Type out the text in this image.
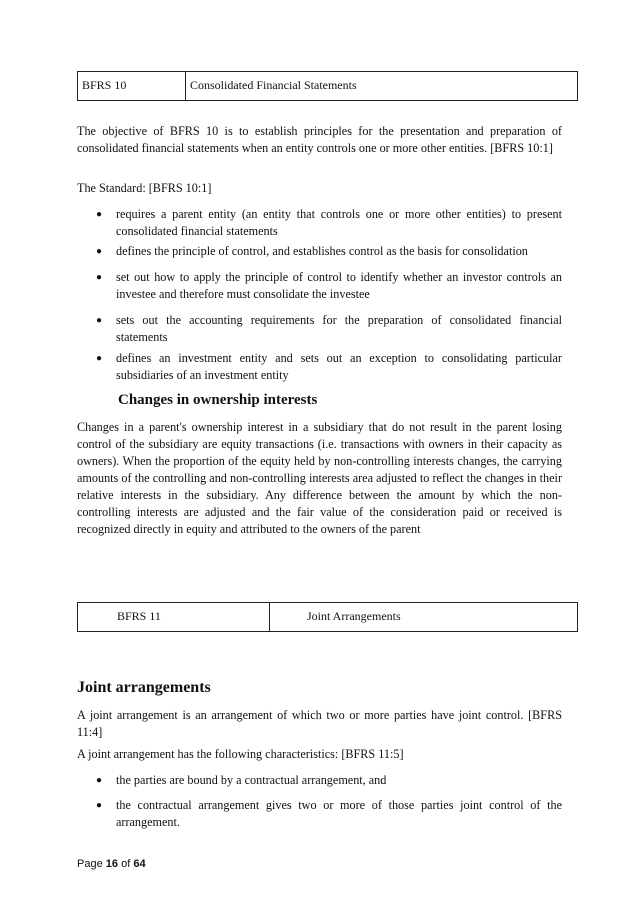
BFRS 10	Consolidated Financial Statements
The objective of BFRS 10 is to establish principles for the presentation and preparation of consolidated financial statements when an entity controls one or more other entities. [BFRS 10:1]
The Standard: [BFRS 10:1]
● requires a parent entity (an entity that controls one or more other entities) to present consolidated financial statements
● defines the principle of control, and establishes control as the basis for consolidation
● set out how to apply the principle of control to identify whether an investor controls an investee and therefore must consolidate the investee
● sets out the accounting requirements for the preparation of consolidated financial statements
● defines an investment entity and sets out an exception to consolidating particular subsidiaries of an investment entity
Changes in ownership interests
Changes in a parent's ownership interest in a subsidiary that do not result in the parent losing control of the subsidiary are equity transactions (i.e. transactions with owners in their capacity as owners). When the proportion of the equity held by non-controlling interests changes, the carrying amounts of the controlling and non-controlling interests area adjusted to reflect the changes in their relative interests in the subsidiary. Any difference between the amount by which the non-controlling interests are adjusted and the fair value of the consideration paid or received is recognized directly in equity and attributed to the owners of the parent
BFRS 11	Joint Arrangements
Joint arrangements
A joint arrangement is an arrangement of which two or more parties have joint control. [BFRS 11:4]
A joint arrangement has the following characteristics: [BFRS 11:5]
● the parties are bound by a contractual arrangement, and
● the contractual arrangement gives two or more of those parties joint control of the arrangement.
Page 16 of 64
